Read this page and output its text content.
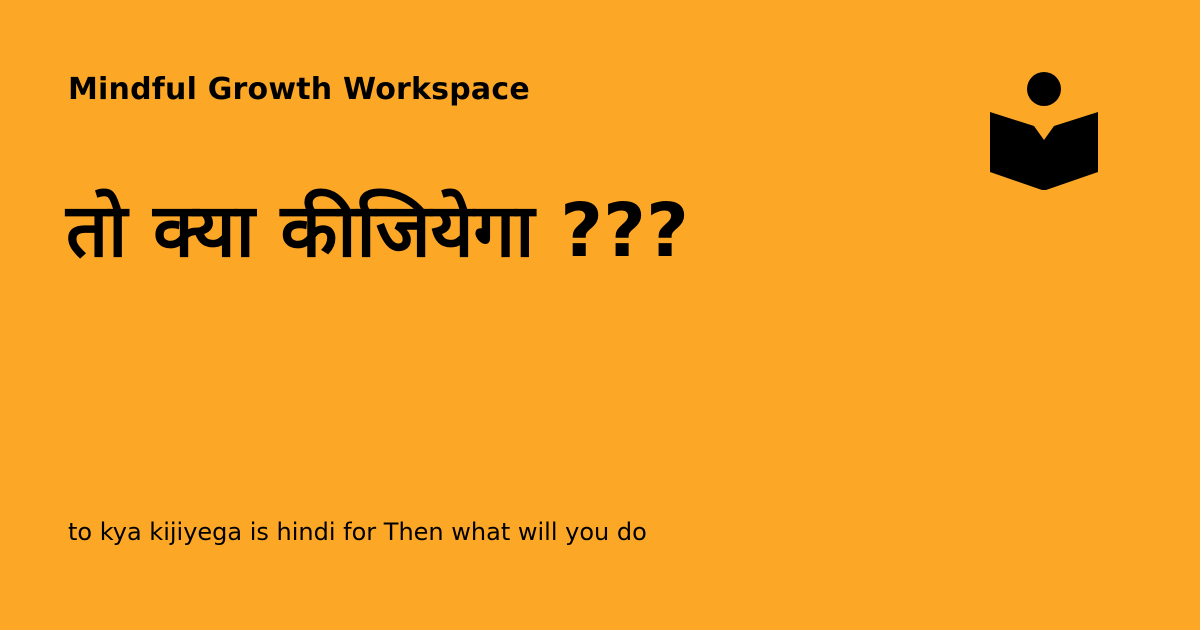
Mindful Growth Workspace
तो क्या कीजियेगा ???
to kya kijiyega is hindi for Then what will you do
